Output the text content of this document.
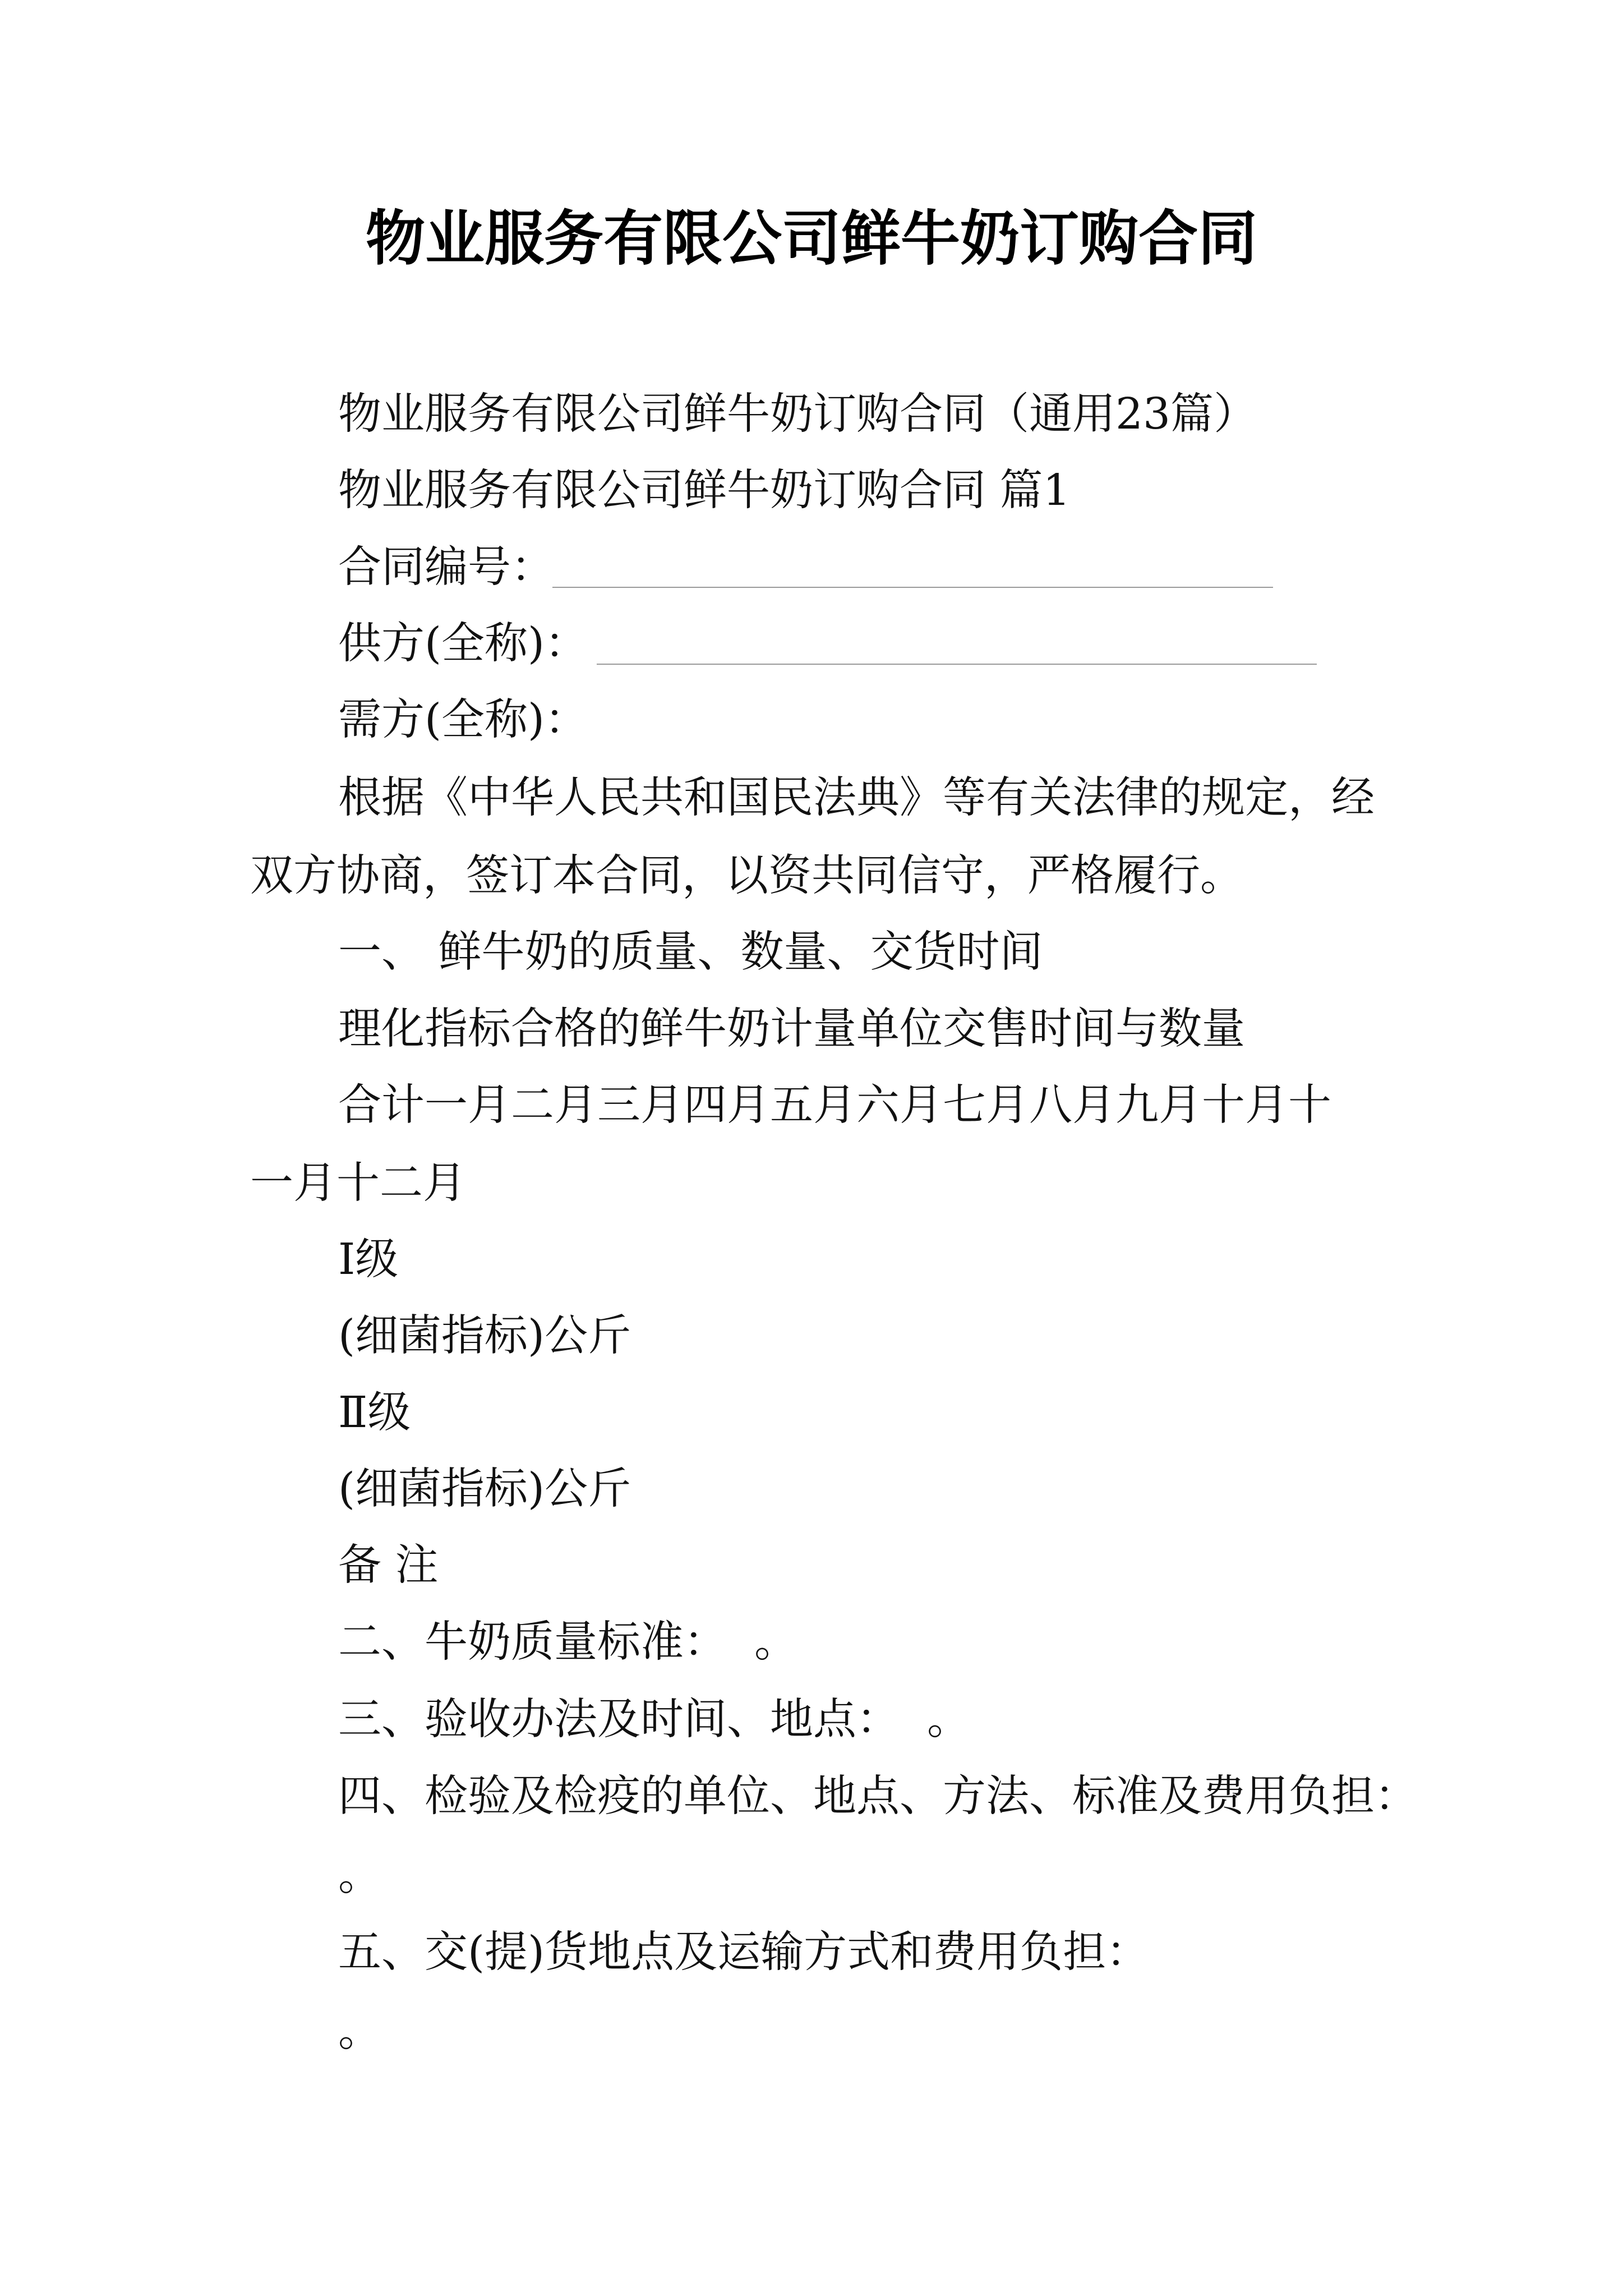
物业服务有限公司鲜牛奶订购合同
物业服务有限公司鲜牛奶订购合同（通用23篇）
物业服务有限公司鲜牛奶订购合同 篇1
合同编号：
供方(全称)：
需方(全称)：
根据《中华人民共和国民法典》等有关法律的规定，经
双方协商，签订本合同，以资共同信守，严格履行。
一、 鲜牛奶的质量、数量、交货时间
理化指标合格的鲜牛奶计量单位交售时间与数量
合计一月二月三月四月五月六月七月八月九月十月十
一月十二月
Ⅰ级
(细菌指标)公斤
Ⅱ级
(细菌指标)公斤
备 注
二、牛奶质量标准：  。
三、验收办法及时间、地点：  。
四、检验及检疫的单位、地点、方法、标准及费用负担：
。
五、交(提)货地点及运输方式和费用负担：
。
